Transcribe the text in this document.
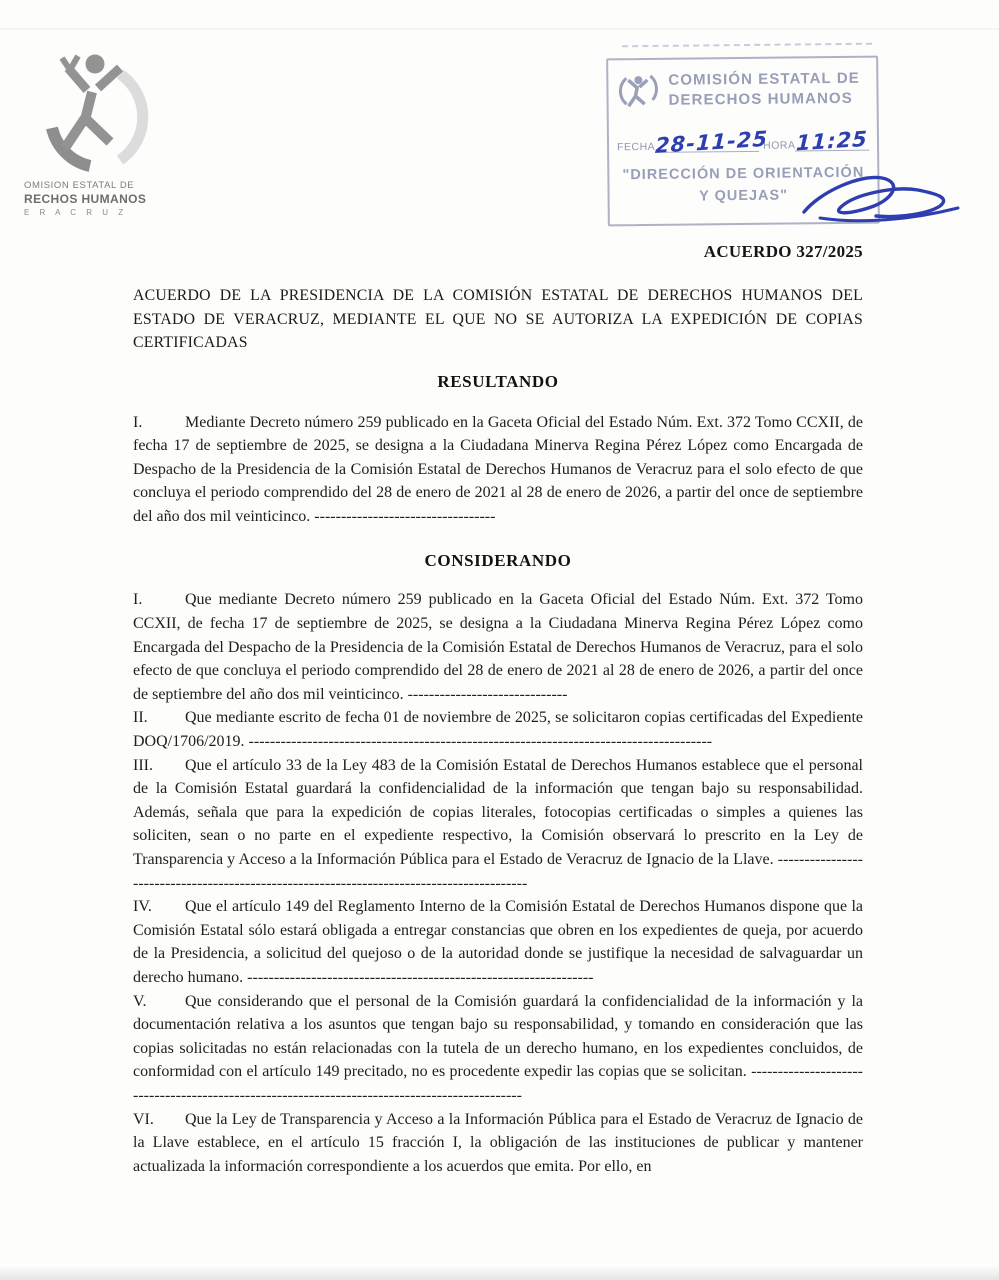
OMISION ESTATAL DE
RECHOS HUMANOS
E R A C R U Z
COMISIÓN ESTATAL DE
DERECHOS HUMANOS
FECHA 28-11-25
HORA 11:25
"DIRECCIÓN DE ORIENTACIÓN
Y QUEJAS"
ACUERDO 327/2025

ACUERDO DE LA PRESIDENCIA DE LA COMISIÓN ESTATAL DE DERECHOS HUMANOS DEL ESTADO DE VERACRUZ, MEDIANTE EL QUE NO SE AUTORIZA LA EXPEDICIÓN DE COPIAS CERTIFICADAS

RESULTANDO

I.	Mediante Decreto número 259 publicado en la Gaceta Oficial del Estado Núm. Ext. 372 Tomo CCXII, de fecha 17 de septiembre de 2025, se designa a la Ciudadana Minerva Regina Pérez López como Encargada de Despacho de la Presidencia de la Comisión Estatal de Derechos Humanos de Veracruz para el solo efecto de que concluya el periodo comprendido del 28 de enero de 2021 al 28 de enero de 2026, a partir del once de septiembre del año dos mil veinticinco. ----------------------------------

CONSIDERANDO

I.	Que mediante Decreto número 259 publicado en la Gaceta Oficial del Estado Núm. Ext. 372 Tomo CCXII, de fecha 17 de septiembre de 2025, se designa a la Ciudadana Minerva Regina Pérez López como Encargada del Despacho de la Presidencia de la Comisión Estatal de Derechos Humanos de Veracruz, para el solo efecto de que concluya el periodo comprendido del 28 de enero de 2021 al 28 de enero de 2026, a partir del once de septiembre del año dos mil veinticinco. ------------------------------

II. Que mediante escrito de fecha 01 de noviembre de 2025, se solicitaron copias certificadas del Expediente DOQ/1706/2019. ---------------------------------------------------------------------------------------

III. Que el artículo 33 de la Ley 483 de la Comisión Estatal de Derechos Humanos establece que el personal de la Comisión Estatal guardará la confidencialidad de la información que tengan bajo su responsabilidad. Además, señala que para la expedición de copias literales, fotocopias certificadas o simples a quienes las soliciten, sean o no parte en el expediente respectivo, la Comisión observará lo prescrito en la Ley de Transparencia y Acceso a la Información Pública para el Estado de Veracruz de Ignacio de la Llave. ------------------------------------------------------------------------------------------

IV. Que el artículo 149 del Reglamento Interno de la Comisión Estatal de Derechos Humanos dispone que la Comisión Estatal sólo estará obligada a entregar constancias que obren en los expedientes de queja, por acuerdo de la Presidencia, a solicitud del quejoso o de la autoridad donde se justifique la necesidad de salvaguardar un derecho humano. -----------------------------------------------------------------

V. Que considerando que el personal de la Comisión guardará la confidencialidad de la información y la documentación relativa a los asuntos que tengan bajo su responsabilidad, y tomando en consideración que las copias solicitadas no están relacionadas con la tutela de un derecho humano, en los expedientes concluidos, de conformidad con el artículo 149 precitado, no es procedente expedir las copias que se solicitan. ----------------------------------------------------------------------------------------------

VI. Que la Ley de Transparencia y Acceso a la Información Pública para el Estado de Veracruz de Ignacio de la Llave establece, en el artículo 15 fracción I, la obligación de las instituciones de publicar y mantener actualizada la información correspondiente a los acuerdos que emita. Por ello, en
